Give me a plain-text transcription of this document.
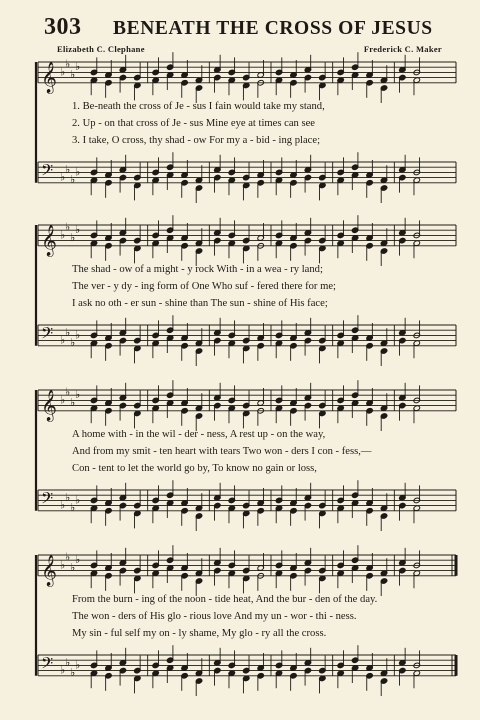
303 BENEATH THE CROSS OF JESUS
Elizabeth C. Clephane	Frederick C. Maker
𝄞 ♭
♭
♭
♭
𝄢 ♭
♭
♭
♭
1. Be-neath the cross of Je - sus I fain would take my stand,
2. Up - on that cross of Je - sus Mine eye at times can see
3. I take, O cross, thy shad - ow For my a - bid - ing place;
𝄞 ♭
♭
♭
♭
𝄢 ♭
♭
♭
♭
The shad - ow of a might - y rock With - in a wea - ry land;
The ver - y dy - ing form of One Who suf - fered there for me;
I ask no oth - er sun - shine than The sun - shine of His face;
𝄞 ♭
♭
♭
♭
𝄢 ♭
♭
♭
♭
A home with - in the wil - der - ness, A rest up - on the way,
And from my smit - ten heart with tears Two won - ders I con - fess,—
Con - tent to let the world go by, To know no gain or loss,
𝄞 ♭
♭
♭
♭
𝄢 ♭
♭
♭
♭
From the burn - ing of the noon - tide heat, And the bur - den of the day.
The won - ders of His glo - rious love And my un - wor - thi - ness.
My sin - ful self my on - ly shame, My glo - ry all the cross.
